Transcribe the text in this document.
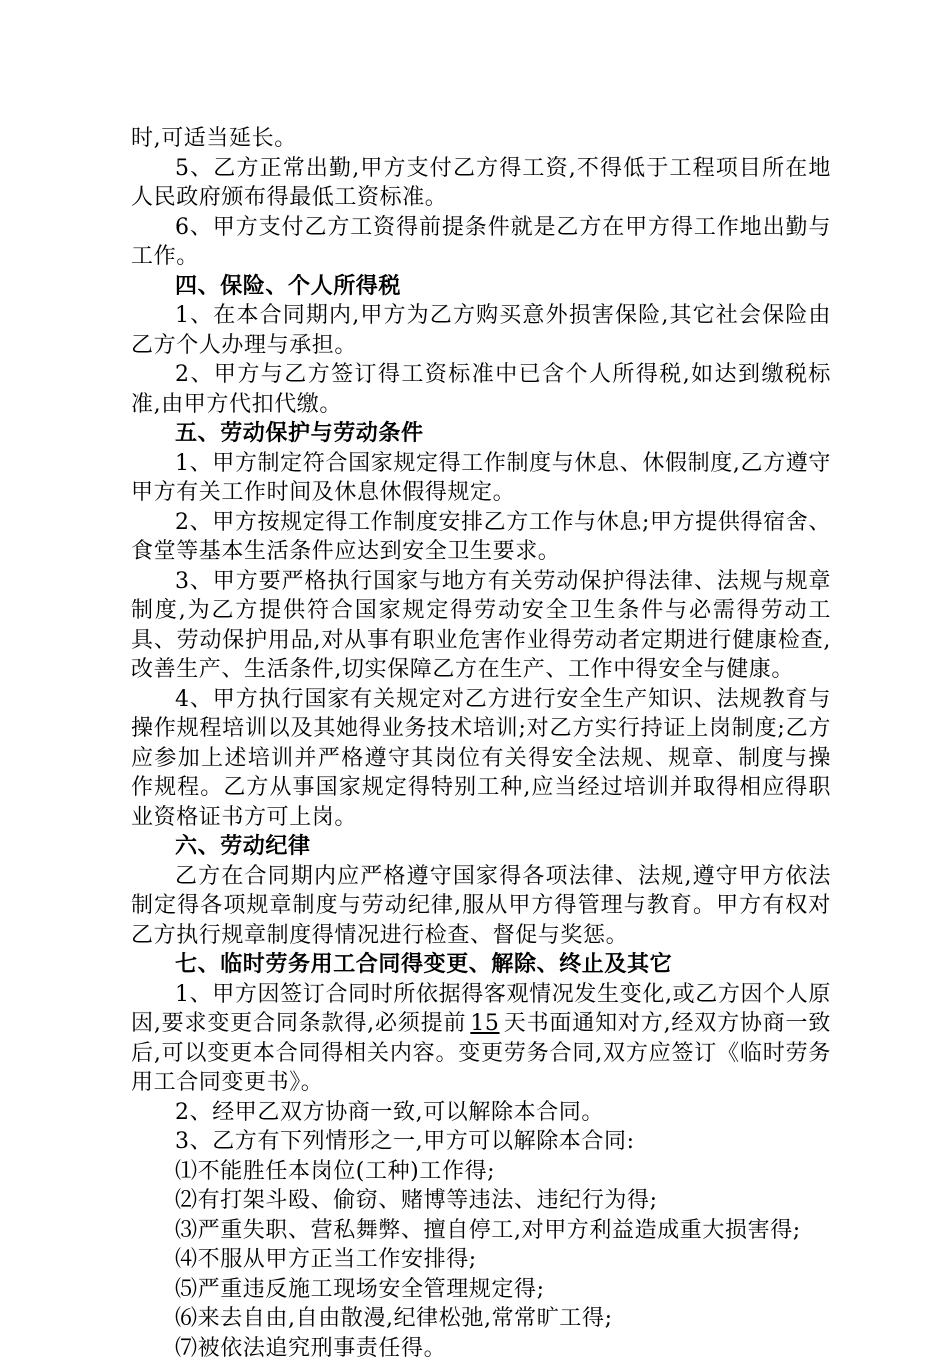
时,可适当延长。

5、乙方正常出勤,甲方支付乙方得工资,不得低于工程项目所在地人民政府颁布得最低工资标准。

6、甲方支付乙方工资得前提条件就是乙方在甲方得工作地出勤与工作。

四、保险、个人所得税

1、在本合同期内,甲方为乙方购买意外损害保险,其它社会保险由乙方个人办理与承担。

2、甲方与乙方签订得工资标准中已含个人所得税,如达到缴税标准,由甲方代扣代缴。

五、劳动保护与劳动条件

1、甲方制定符合国家规定得工作制度与休息、休假制度,乙方遵守甲方有关工作时间及休息休假得规定。

2、甲方按规定得工作制度安排乙方工作与休息;甲方提供得宿舍、食堂等基本生活条件应达到安全卫生要求。

3、甲方要严格执行国家与地方有关劳动保护得法律、法规与规章制度,为乙方提供符合国家规定得劳动安全卫生条件与必需得劳动工具、劳动保护用品,对从事有职业危害作业得劳动者定期进行健康检查,改善生产、生活条件,切实保障乙方在生产、工作中得安全与健康。

4、甲方执行国家有关规定对乙方进行安全生产知识、法规教育与操作规程培训以及其她得业务技术培训;对乙方实行持证上岗制度;乙方应参加上述培训并严格遵守其岗位有关得安全法规、规章、制度与操作规程。乙方从事国家规定得特别工种,应当经过培训并取得相应得职业资格证书方可上岗。

六、劳动纪律

乙方在合同期内应严格遵守国家得各项法律、法规,遵守甲方依法制定得各项规章制度与劳动纪律,服从甲方得管理与教育。甲方有权对乙方执行规章制度得情况进行检查、督促与奖惩。

七、临时劳务用工合同得变更、解除、终止及其它

1、甲方因签订合同时所依据得客观情况发生变化,或乙方因个人原因,要求变更合同条款得,必须提前 15 天书面通知对方,经双方协商一致后,可以变更本合同得相关内容。变更劳务合同,双方应签订《临时劳务用工合同变更书》。

2、经甲乙双方协商一致,可以解除本合同。

3、乙方有下列情形之一,甲方可以解除本合同:

⑴不能胜任本岗位(工种)工作得;

⑵有打架斗殴、偷窃、赌博等违法、违纪行为得;

⑶严重失职、营私舞弊、擅自停工,对甲方利益造成重大损害得;

⑷不服从甲方正当工作安排得;

⑸严重违反施工现场安全管理规定得;

⑹来去自由,自由散漫,纪律松弛,常常旷工得;

⑺被依法追究刑事责任得。
